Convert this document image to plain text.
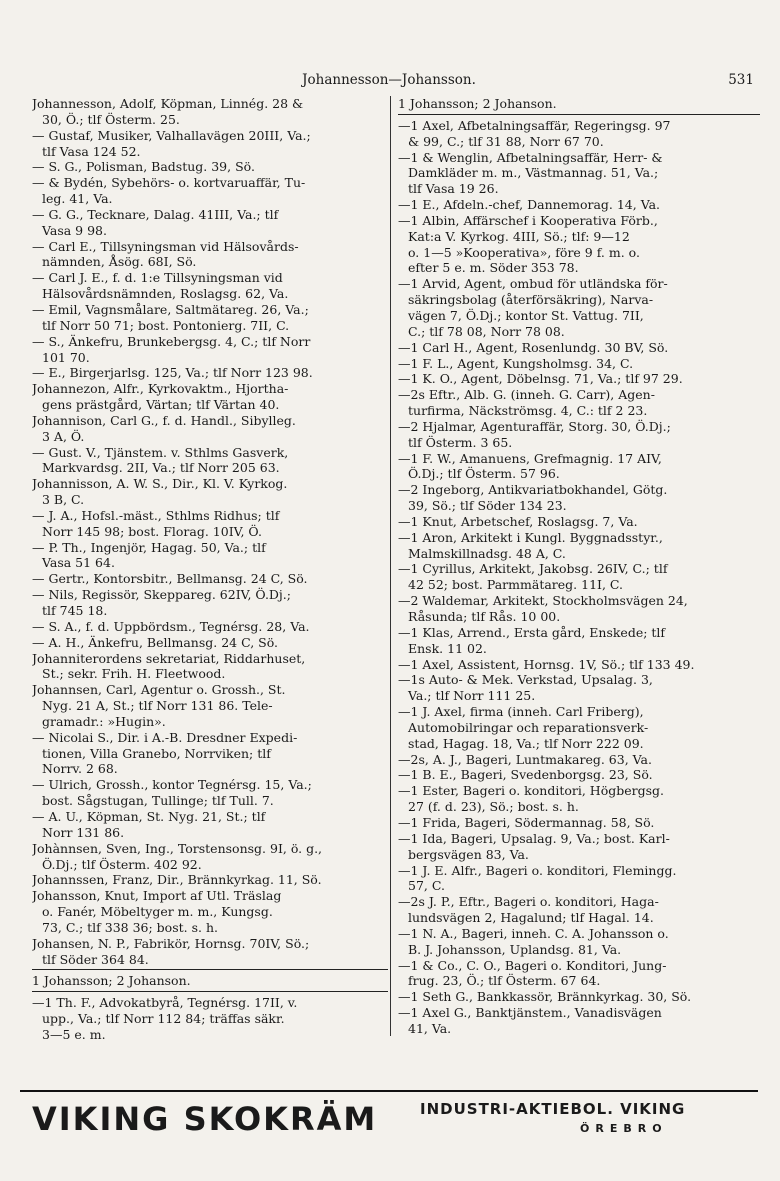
Johannesson—Johansson.	531
Johannesson, Adolf, Köpman, Linnég. 28 &
30, Ö.; tlf Österm. 25.
— Gustaf, Musiker, Valhallavägen 20III, Va.;
tlf Vasa 124 52.
— S. G., Polisman, Badstug. 39, Sö.
— & Bydén, Sybehörs- o. kortvaruaffär, Tu-
leg. 41, Va.
— G. G., Tecknare, Dalag. 41III, Va.; tlf
Vasa 9 98.
— Carl E., Tillsyningsman vid Hälsovårds-
nämnden, Åsög. 68I, Sö.
— Carl J. E., f. d. 1:e Tillsyningsman vid
Hälsovårdsnämnden, Roslagsg. 62, Va.
— Emil, Vagnsmålare, Saltmätareg. 26, Va.;
tlf Norr 50 71; bost. Pontonierg. 7II, C.
— S., Änkefru, Brunkebergsg. 4, C.; tlf Norr
101 70.
— E., Birgerjarlsg. 125, Va.; tlf Norr 123 98.
Johannezon, Alfr., Kyrkovaktm., Hjortha-
gens prästgård, Värtan; tlf Värtan 40.
Johannison, Carl G., f. d. Handl., Sibylleg.
3 A, Ö.
— Gust. V., Tjänstem. v. Sthlms Gasverk,
Markvardsg. 2II, Va.; tlf Norr 205 63.
Johannisson, A. W. S., Dir., Kl. V. Kyrkog.
3 B, C.
— J. A., Hofsl.-mäst., Sthlms Ridhus; tlf
Norr 145 98; bost. Florag. 10IV, Ö.
— P. Th., Ingenjör, Hagag. 50, Va.; tlf
Vasa 51 64.
— Gertr., Kontorsbitr., Bellmansg. 24 C, Sö.
— Nils, Regissör, Skeppareg. 62IV, Ö.Dj.;
tlf 745 18.
— S. A., f. d. Uppbördsm., Tegnérsg. 28, Va.
— A. H., Änkefru, Bellmansg. 24 C, Sö.
Johanniterordens sekretariat, Riddarhuset,
St.; sekr. Frih. H. Fleetwood.
Johannsen, Carl, Agentur o. Grossh., St.
Nyg. 21 A, St.; tlf Norr 131 86. Tele-
gramadr.: »Hugin».
— Nicolai S., Dir. i A.-B. Dresdner Expedi-
tionen, Villa Granebo, Norrviken; tlf
Norrv. 2 68.
— Ulrich, Grossh., kontor Tegnérsg. 15, Va.;
bost. Sågstugan, Tullinge; tlf Tull. 7.
— A. U., Köpman, St. Nyg. 21, St.; tlf
Norr 131 86.
Johànnsen, Sven, Ing., Torstensonsg. 9I, ö. g.,
Ö.Dj.; tlf Österm. 402 92.
Johannssen, Franz, Dir., Brännkyrkag. 11, Sö.
Johansson, Knut, Import af Utl. Träslag
o. Fanér, Möbeltyger m. m., Kungsg.
73, C.; tlf 338 36; bost. s. h.
Johansen, N. P., Fabrikör, Hornsg. 70IV, Sö.;
tlf Söder 364 84.
1 Johansson; 2 Johanson.
—1 Th. F., Advokatbyrå, Tegnérsg. 17II, v.
upp., Va.; tlf Norr 112 84; träffas säkr.
3—5 e. m.
1 Johansson; 2 Johanson.
—1 Axel, Afbetalningsaffär, Regeringsg. 97
& 99, C.; tlf 31 88, Norr 67 70.
—1 & Wenglin, Afbetalningsaffär, Herr- &
Damkläder m. m., Västmannag. 51, Va.;
tlf Vasa 19 26.
—1 E., Afdeln.-chef, Dannemorag. 14, Va.
—1 Albin, Affärschef i Kooperativa Förb.,
Kat:a V. Kyrkog. 4III, Sö.; tlf: 9—12
o. 1—5 »Kooperativa», före 9 f. m. o.
efter 5 e. m. Söder 353 78.
—1 Arvid, Agent, ombud för utländska för-
säkringsbolag (återförsäkring), Narva-
vägen 7, Ö.Dj.; kontor St. Vattug. 7II,
C.; tlf 78 08, Norr 78 08.
—1 Carl H., Agent, Rosenlundg. 30 BV, Sö.
—1 F. L., Agent, Kungsholmsg. 34, C.
—1 K. O., Agent, Döbelnsg. 71, Va.; tlf 97 29.
—2s Eftr., Alb. G. (inneh. G. Carr), Agen-
turfirma, Näckströmsg. 4, C.: tlf 2 23.
—2 Hjalmar, Agenturaffär, Storg. 30, Ö.Dj.;
tlf Österm. 3 65.
—1 F. W., Amanuens, Grefmagnig. 17 AIV,
Ö.Dj.; tlf Österm. 57 96.
—2 Ingeborg, Antikvariatbokhandel, Götg.
39, Sö.; tlf Söder 134 23.
—1 Knut, Arbetschef, Roslagsg. 7, Va.
—1 Aron, Arkitekt i Kungl. Byggnadsstyr.,
Malmskillnadsg. 48 A, C.
—1 Cyrillus, Arkitekt, Jakobsg. 26IV, C.; tlf
42 52; bost. Parmmätareg. 11I, C.
—2 Waldemar, Arkitekt, Stockholmsvägen 24,
Råsunda; tlf Rås. 10 00.
—1 Klas, Arrend., Ersta gård, Enskede; tlf
Ensk. 11 02.
—1 Axel, Assistent, Hornsg. 1V, Sö.; tlf 133 49.
—1s Auto- & Mek. Verkstad, Upsalag. 3,
Va.; tlf Norr 111 25.
—1 J. Axel, firma (inneh. Carl Friberg),
Automobilringar och reparationsverk-
stad, Hagag. 18, Va.; tlf Norr 222 09.
—2s, A. J., Bageri, Luntmakareg. 63, Va.
—1 B. E., Bageri, Svedenborgsg. 23, Sö.
—1 Ester, Bageri o. konditori, Högbergsg.
27 (f. d. 23), Sö.; bost. s. h.
—1 Frida, Bageri, Södermannag. 58, Sö.
—1 Ida, Bageri, Upsalag. 9, Va.; bost. Karl-
bergsvägen 83, Va.
—1 J. E. Alfr., Bageri o. konditori, Flemingg.
57, C.
—2s J. P., Eftr., Bageri o. konditori, Haga-
lundsvägen 2, Hagalund; tlf Hagal. 14.
—1 N. A., Bageri, inneh. C. A. Johansson o.
B. J. Johansson, Uplandsg. 81, Va.
—1 & Co., C. O., Bageri o. Konditori, Jung-
frug. 23, Ö.; tlf Österm. 67 64.
—1 Seth G., Bankkassör, Brännkyrkag. 30, Sö.
—1 Axel G., Banktjänstem., Vanadisvägen
41, Va.
VIKING SKOKRÄM	INDUSTRI-AKTIEBOL. VIKING
ÖREBRO
